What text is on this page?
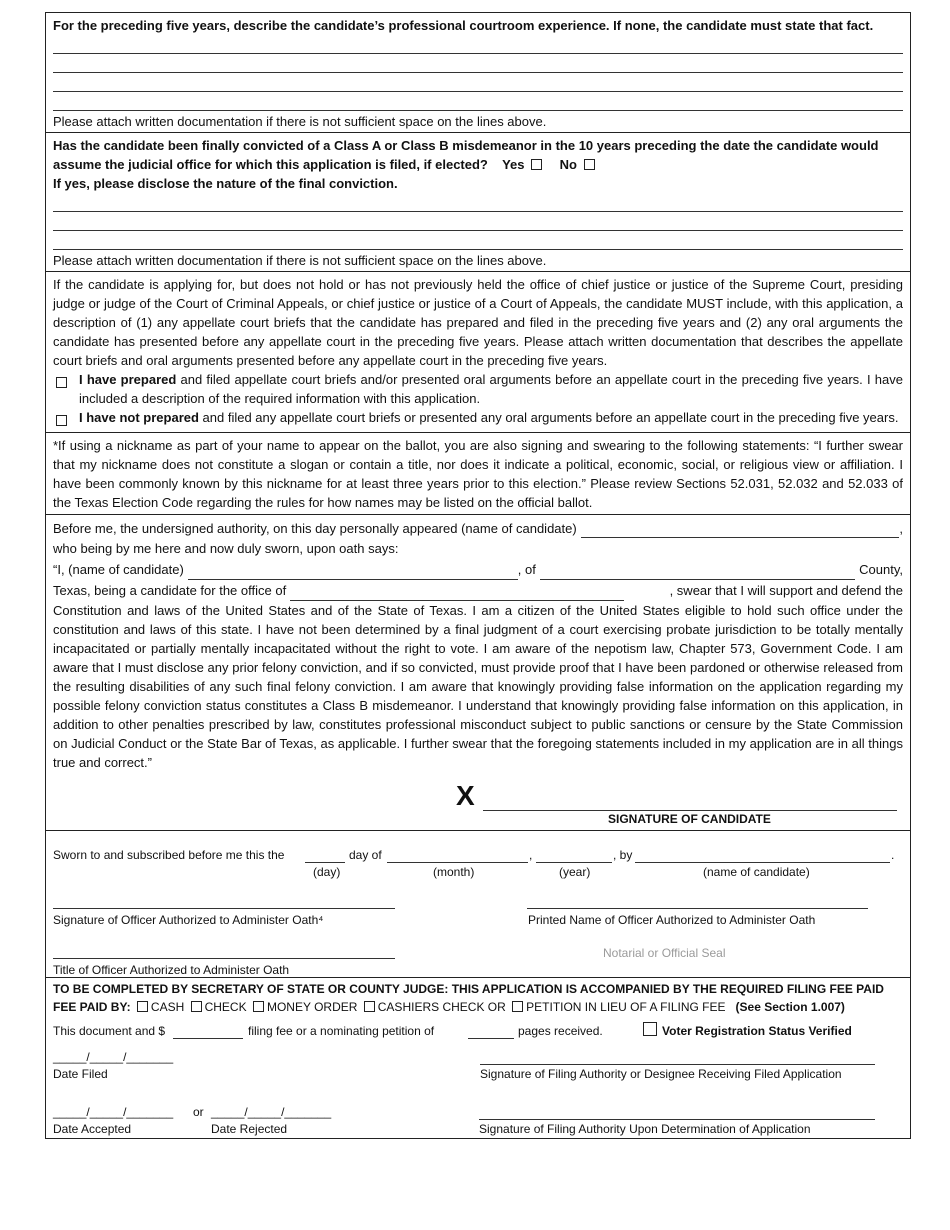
For the preceding five years, describe the candidate’s professional courtroom experience. If none, the candidate must state that fact.
Please attach written documentation if there is not sufficient space on the lines above.
Has the candidate been finally convicted of a Class A or Class B misdemeanor in the 10 years preceding the date the candidate would assume the judicial office for which this application is filed, if elected? Yes	No
If yes, please disclose the nature of the final conviction.
Please attach written documentation if there is not sufficient space on the lines above.
If the candidate is applying for, but does not hold or has not previously held the office of chief justice or justice of the Supreme Court, presiding judge or judge of the Court of Criminal Appeals, or chief justice or justice of a Court of Appeals, the candidate MUST include, with this application, a description of (1) any appellate court briefs that the candidate has prepared and filed in the preceding five years and (2) any oral arguments the candidate has presented before any appellate court in the preceding five years. Please attach written documentation that describes the appellate court briefs and oral arguments presented before any appellate court in the preceding five years.
I have prepared and filed appellate court briefs and/or presented oral arguments before an appellate court in the preceding five years. I have included a description of the required information with this application.
I have not prepared and filed any appellate court briefs or presented any oral arguments before an appellate court in the preceding five years.
*If using a nickname as part of your name to appear on the ballot, you are also signing and swearing to the following statements: “I further swear that my nickname does not constitute a slogan or contain a title, nor does it indicate a political, economic, social, or religious view or affiliation. I have been commonly known by this nickname for at least three years prior to this election.” Please review Sections 52.031, 52.032 and 52.033 of the Texas Election Code regarding the rules for how names may be listed on the official ballot.
Before me, the undersigned authority, on this day personally appeared (name of candidate)	,
who being by me here and now duly sworn, upon oath says:
“I, (name of candidate)	, of	County,
Texas, being a candidate for the office of	, swear that I will support and defend the
Constitution and laws of the United States and of the State of Texas. I am a citizen of the United States eligible to hold such office under the constitution and laws of this state. I have not been determined by a final judgment of a court exercising probate jurisdiction to be totally mentally incapacitated or partially mentally incapacitated without the right to vote. I am aware of the nepotism law, Chapter 573, Government Code. I am aware that I must disclose any prior felony conviction, and if so convicted, must provide proof that I have been pardoned or otherwise released from the resulting disabilities of any such final felony conviction. I am aware that knowingly providing false information on the application regarding my possible felony conviction status constitutes a Class B misdemeanor. I understand that knowingly providing false information on this application, in addition to other penalties prescribed by law, constitutes professional misconduct subject to public sanctions or censure by the State Commission on Judicial Conduct or the State Bar of Texas, as applicable. I further swear that the foregoing statements included in my application are in all things true and correct.”
X
SIGNATURE OF CANDIDATE
Sworn to and subscribed before me this the	day of	,	, by	.
(day)	(month)	(year)	(name of candidate)
Signature of Officer Authorized to Administer Oath⁴	Printed Name of Officer Authorized to Administer Oath
Notarial or Official Seal
Title of Officer Authorized to Administer Oath
TO BE COMPLETED BY SECRETARY OF STATE OR COUNTY JUDGE: THIS APPLICATION IS ACCOMPANIED BY THE REQUIRED FILING FEE PAID
FEE PAID BY: CASH CHECK MONEY ORDER CASHIERS CHECK OR PETITION IN LIEU OF A FILING FEE (See Section 1.007)
This document and $	filing fee or a nominating petition of	pages received.	Voter Registration Status Verified
_____/_____/_______
Date Filed	Signature of Filing Authority or Designee Receiving Filed Application
_____/_____/_______ or _____/_____/_______
Date Accepted	Date Rejected	Signature of Filing Authority Upon Determination of Application
